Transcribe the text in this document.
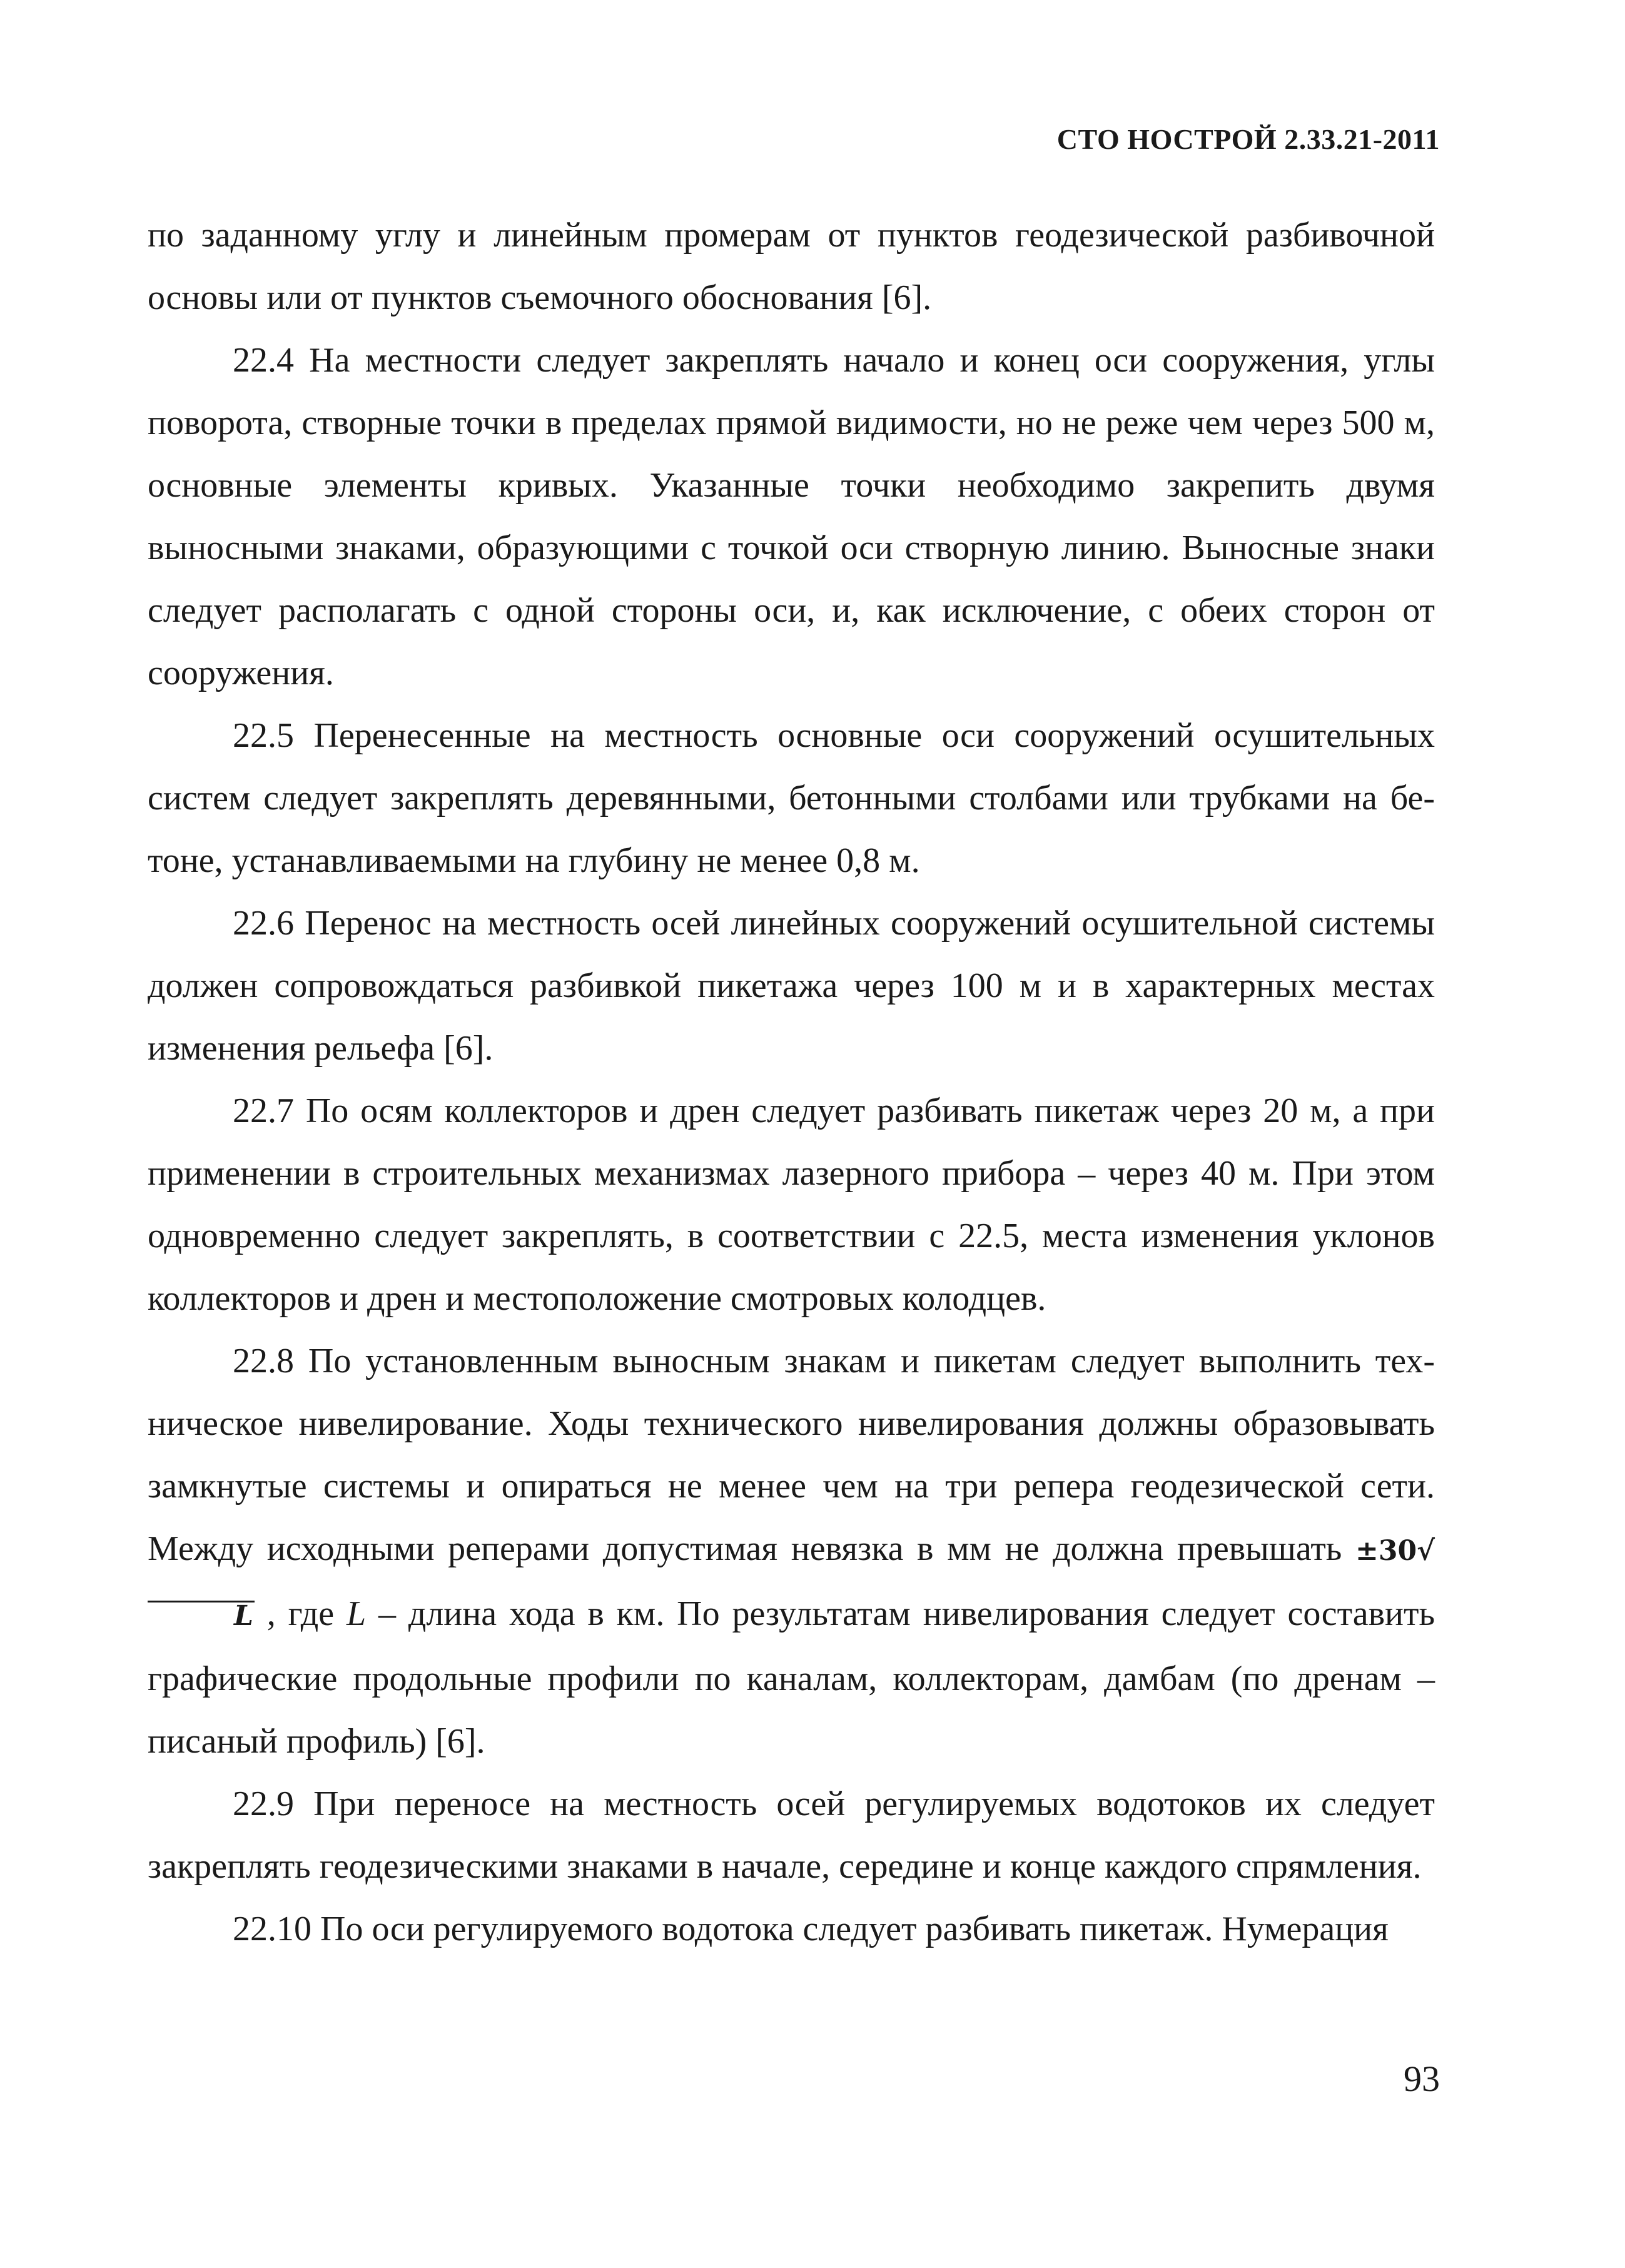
СТО НОСТРОЙ 2.33.21-2011

по заданному углу и линейным промерам от пунктов геодезической разбивочной основы или от пунктов съемочного обоснования [6].

22.4 На местности следует закреплять начало и конец оси сооружения, углы поворота, створные точки в пределах прямой видимости, но не реже чем через 500 м, основные элементы кривых. Указанные точки необходимо закрепить двумя выносными знаками, образующими с точкой оси створную линию. Выносные знаки следует располагать с одной стороны оси, и, как исключение, с обеих сторон от сооружения.

22.5 Перенесенные на местность основные оси сооружений осушительных систем следует закреплять деревянными, бетонными столбами или трубками на бетоне, устанавливаемыми на глубину не менее 0,8 м.

22.6 Перенос на местность осей линейных сооружений осушительной системы должен сопровождаться разбивкой пикетажа через 100 м и в характерных местах изменения рельефа [6].

22.7 По осям коллекторов и дрен следует разбивать пикетаж через 20 м, а при применении в строительных механизмах лазерного прибора – через 40 м. При этом одновременно следует закреплять, в соответствии с 22.5, места изменения уклонов коллекторов и дрен и местоположение смотровых колодцев.

22.8 По установленным выносным знакам и пикетам следует выполнить техническое нивелирование. Ходы технического нивелирования должны образовывать замкнутые системы и опираться не менее чем на три репера геодезической сети. Между исходными реперами допустимая невязка в мм не должна превышать ±30√L , где L – длина хода в км. По результатам нивелирования следует составить графические продольные профили по каналам, коллекторам, дамбам (по дренам – писаный профиль) [6].

22.9 При переносе на местность осей регулируемых водотоков их следует закреплять геодезическими знаками в начале, середине и конце каждого спрямления.

22.10 По оси регулируемого водотока следует разбивать пикетаж. Нумерация

93
